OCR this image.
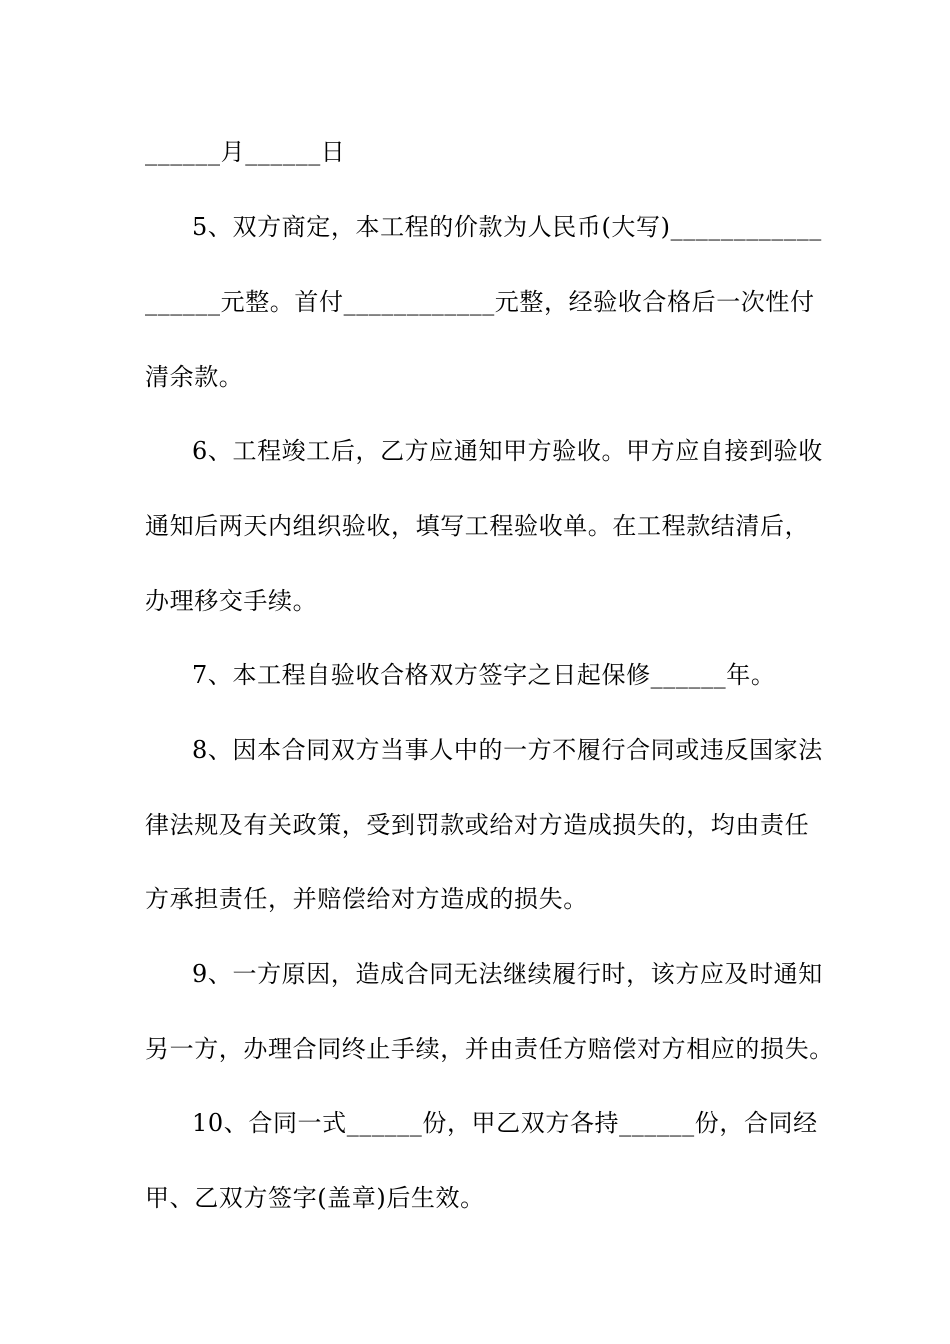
______月______日
5、双方商定，本工程的价款为人民币(大写)____________
______元整。首付____________元整，经验收合格后一次性付
清余款。
6、工程竣工后，乙方应通知甲方验收。甲方应自接到验收
通知后两天内组织验收，填写工程验收单。在工程款结清后，
办理移交手续。
7、本工程自验收合格双方签字之日起保修______年。
8、因本合同双方当事人中的一方不履行合同或违反国家法
律法规及有关政策，受到罚款或给对方造成损失的，均由责任
方承担责任，并赔偿给对方造成的损失。
9、一方原因，造成合同无法继续履行时，该方应及时通知
另一方，办理合同终止手续，并由责任方赔偿对方相应的损失。
10、合同一式______份，甲乙双方各持______份，合同经
甲、乙双方签字(盖章)后生效。
